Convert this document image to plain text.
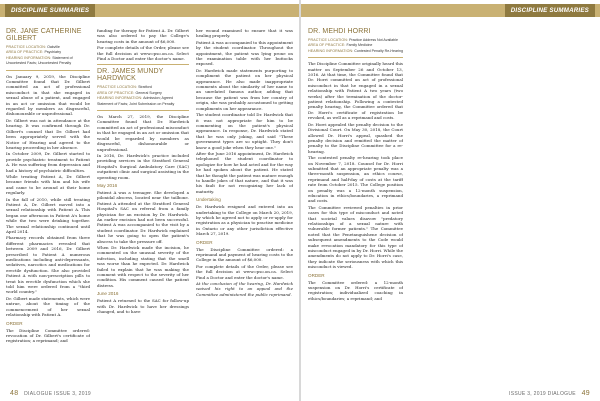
DISCIPLINE SUMMARIES
DR. JANE CATHERINE GILBERT
PRACTICE LOCATION: Oakville
AREA OF PRACTICE: Psychiatry
HEARING INFORMATION: Statement of Uncontested Facts; Uncontested Penalty

On January 9, 2019, the Discipline Committee found that Dr. Gilbert committed an act of professional misconduct in that she engaged in sexual abuse of a patient, and engaged in an act or omission that would be regarded by members as disgraceful, dishonourable or unprofessional.

Dr. Gilbert was not in attendance at the hearing. It was confirmed through Dr. Gilbert's counsel that Dr. Gilbert had been appropriately served with the Notice of Hearing and agreed to the hearing proceeding in her absence.

In October 2009, Dr. Gilbert started to provide psychiatric treatment to Patient A. He was suffering from depression and had a history of psychiatric difficulties.

While treating Patient A, Dr. Gilbert became friends with him and his wife and came to be around at their home regularly.

In the fall of 2010, while still treating Patient A, Dr. Gilbert moved into a sexual relationship with Patient A. This began one afternoon in Patient A's home while the two were drinking together. The sexual relationship continued until April 2014.

Pharmacy records obtained from three different pharmacies revealed that between 2009 and 2016, Dr. Gilbert prescribed to Patient A numerous medications including anti-depressants, sedatives, narcotics and medications for erectile dysfunction. She also provided Patient A with non-prescription pills to treat his erectile dysfunction which she told him were ordered from a "third world country."

Dr. Gilbert made statements, which were untrue, about the timing of the commencement of her sexual relationship with Patient A.

ORDER
The Discipline Committee ordered: revocation of Dr. Gilbert's certificate of registration; a reprimand; and

funding for therapy for Patient A. Dr. Gilbert was also ordered to pay the College's hearing costs in the amount of $6,000.

For complete details of the Order, please see the full decision at www.cpso.on.ca. Select Find a Doctor and enter the doctor's name.

DR. JAMES MUNDY HARDWICK
PRACTICE LOCATION: Stratford
AREA OF PRACTICE: General Surgery
HEARING INFORMATION: Admission; Agreed Statement of Facts; Joint Submission on Penalty

On March 27, 2019, the Discipline Committee found that Dr. Hardwick committed an act of professional misconduct in that he engaged in an act or omission that would be regarded by members as disgraceful, dishonourable or unprofessional.

In 2016, Dr. Hardwick's practice included providing services in the Stratford General Hospital's Surgical Ambulatory Care (SAC) outpatient clinic and surgical assisting in the operating room.

May 2016

Patient A was a teenager. She developed a pilonidal abscess, located near the tailbone. Patient A attended at the Stratford General Hospital's SAC on referral from a family physician for an excision by Dr. Hardwick. An earlier excision had not been successful. Patient A was accompanied to the visit by a student coordinator. Dr. Hardwick explained that he was going to open the patient's abscess to take the pressure off.

When Dr. Hardwick made the incision, he commented on the unusual severity of the infection, including stating that the smell was worse than he expected. Dr. Hardwick failed to explain that he was making the comment with respect to the severity of her condition. His comment caused the patient distress.

June 2016

Patient A returned to the SAC for follow-up with Dr. Hardwick to have her dressings changed, and to have

her wound examined to ensure that it was healing properly.

Patient A was accompanied to this appointment by the student coordinator. Throughout the appointment, the patient was lying prone on the examination table with her buttocks exposed.

Dr. Hardwick made statements purporting to compliment the patient on her physical appearance. He also made inappropriate comments about the similarity of her name to an unrelated famous author, adding that because the patient was from her country of origin, she was probably accustomed to getting compliments on her appearance.

The student coordinator told Dr. Hardwick that it was not appropriate for him to be commenting on the patient's physical appearance. In response, Dr. Hardwick stated that he was only joking, and said "These government types are so uptight. They don't know a good joke when they hear one."

After the June 2016 appointment, Dr. Hardwick telephoned the student coordinator to apologize for how he had acted and for the way he had spoken about the patient. He stated that he thought the patient was mature enough to handle jokes of that nature, and that it was his fault for not recognizing her lack of maturity.

Undertaking

Dr. Hardwick resigned and entered into an undertaking to the College on March 20, 2019, by which he agreed not to apply or re-apply for registration as a physician to practise medicine in Ontario or any other jurisdiction effective March 27, 2019.

ORDER

The Discipline Committee ordered: a reprimand and payment of hearing costs to the College in the amount of $6,000.

For complete details of the Order, please see the full decision at www.cpso.on.ca. Select Find a Doctor and enter the doctor's name.

At the conclusion of the hearing, Dr. Hardwick waived his right to an appeal and the Committee administered the public reprimand.

48 DIALOGUE ISSUE 3, 2019
DISCIPLINE SUMMARIES
DR. MEHDI HORRI
PRACTICE LOCATION: Practice Address Not Available
AREA OF PRACTICE: Family Medicine
HEARING INFORMATION: Contested Penalty Re-Hearing

The Discipline Committee originally heard this matter on September 26 and October 13, 2016. At that time, the Committee found that Dr. Horri committed an act of professional misconduct in that he engaged in a sexual relationship with Patient A two years (two weeks) after the termination of the doctor-patient relationship. Following a contested penalty hearing, the Committee ordered that Dr. Horri's certificate of registration be revoked, as well as a reprimand and costs.

Dr. Horri appealed the penalty decision to the Divisional Court. On May 30, 2018, the Court allowed Dr. Horri's appeal, quashed the penalty decision and remitted the matter of penalty to the Discipline Committee for a re-hearing.

The contested penalty re-hearing took place on November 7, 2018. Counsel for Dr. Horri submitted that an appropriate penalty was a three-month suspension, an ethics course, reprimand and half-day of costs at the tariff rate from October 2015. The College position on penalty was a 12-month suspension, education in ethics/boundaries, a reprimand and costs.

The Committee reviewed penalties in prior cases for this type of misconduct and noted that societal values disavow "predatory relationships of a sexual nature with vulnerable former patients." The Committee noted that the Penetanguishene decision of subsequent amendments to the Code would make revocation mandatory for this type of misconduct engaged in by Dr. Horri. While the amendments do not apply to Dr. Horri's case, they indicate the seriousness with which this misconduct is viewed.

ORDER
The Committee ordered: a 12-month suspension on Dr. Horri's certificate of registration; individualized coaching in ethics/boundaries; a reprimand; and
ISSUE 3, 2019 DIALOGUE 49
